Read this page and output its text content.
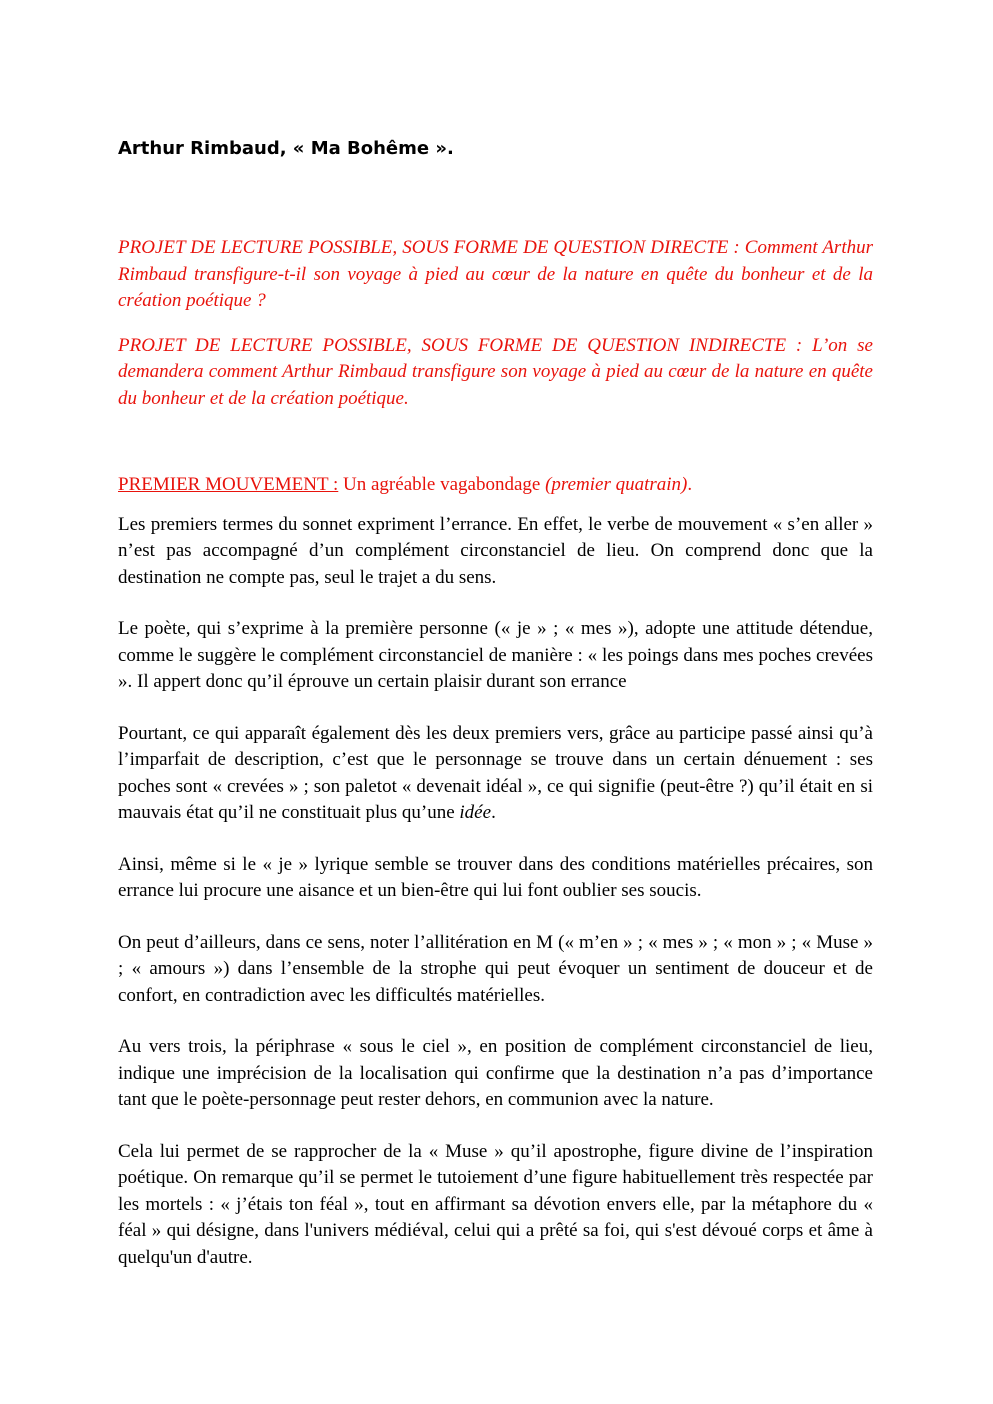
Arthur Rimbaud, « Ma Bohême ».

PROJET DE LECTURE POSSIBLE, SOUS FORME DE QUESTION DIRECTE : Comment Arthur Rimbaud transfigure-t-il son voyage à pied au cœur de la nature en quête du bonheur et de la création poétique ?

PROJET DE LECTURE POSSIBLE, SOUS FORME DE QUESTION INDIRECTE : L’on se demandera comment Arthur Rimbaud transfigure son voyage à pied au cœur de la nature en quête du bonheur et de la création poétique.

PREMIER MOUVEMENT : Un agréable vagabondage (premier quatrain).

Les premiers termes du sonnet expriment l’errance. En effet, le verbe de mouvement « s’en aller » n’est pas accompagné d’un complément circonstanciel de lieu. On comprend donc que la destination ne compte pas, seul le trajet a du sens.

Le poète, qui s’exprime à la première personne (« je » ; « mes »), adopte une attitude détendue, comme le suggère le complément circonstanciel de manière : « les poings dans mes poches crevées ». Il appert donc qu’il éprouve un certain plaisir durant son errance

Pourtant, ce qui apparaît également dès les deux premiers vers, grâce au participe passé ainsi qu’à l’imparfait de description, c’est que le personnage se trouve dans un certain dénuement : ses poches sont « crevées » ; son paletot « devenait idéal », ce qui signifie (peut-être ?) qu’il était en si mauvais état qu’il ne constituait plus qu’une idée.

Ainsi, même si le « je » lyrique semble se trouver dans des conditions matérielles précaires, son errance lui procure une aisance et un bien-être qui lui font oublier ses soucis.

On peut d’ailleurs, dans ce sens, noter l’allitération en M (« m’en » ; « mes » ; « mon » ; « Muse » ; « amours ») dans l’ensemble de la strophe qui peut évoquer un sentiment de douceur et de confort, en contradiction avec les difficultés matérielles.

Au vers trois, la périphrase « sous le ciel », en position de complément circonstanciel de lieu, indique une imprécision de la localisation qui confirme que la destination n’a pas d’importance tant que le poète-personnage peut rester dehors, en communion avec la nature.

Cela lui permet de se rapprocher de la « Muse » qu’il apostrophe, figure divine de l’inspiration poétique. On remarque qu’il se permet le tutoiement d’une figure habituellement très respectée par les mortels : « j’étais ton féal », tout en affirmant sa dévotion envers elle, par la métaphore du « féal » qui désigne, dans l'univers médiéval, celui qui a prêté sa foi, qui s'est dévoué corps et âme à quelqu'un d'autre.
